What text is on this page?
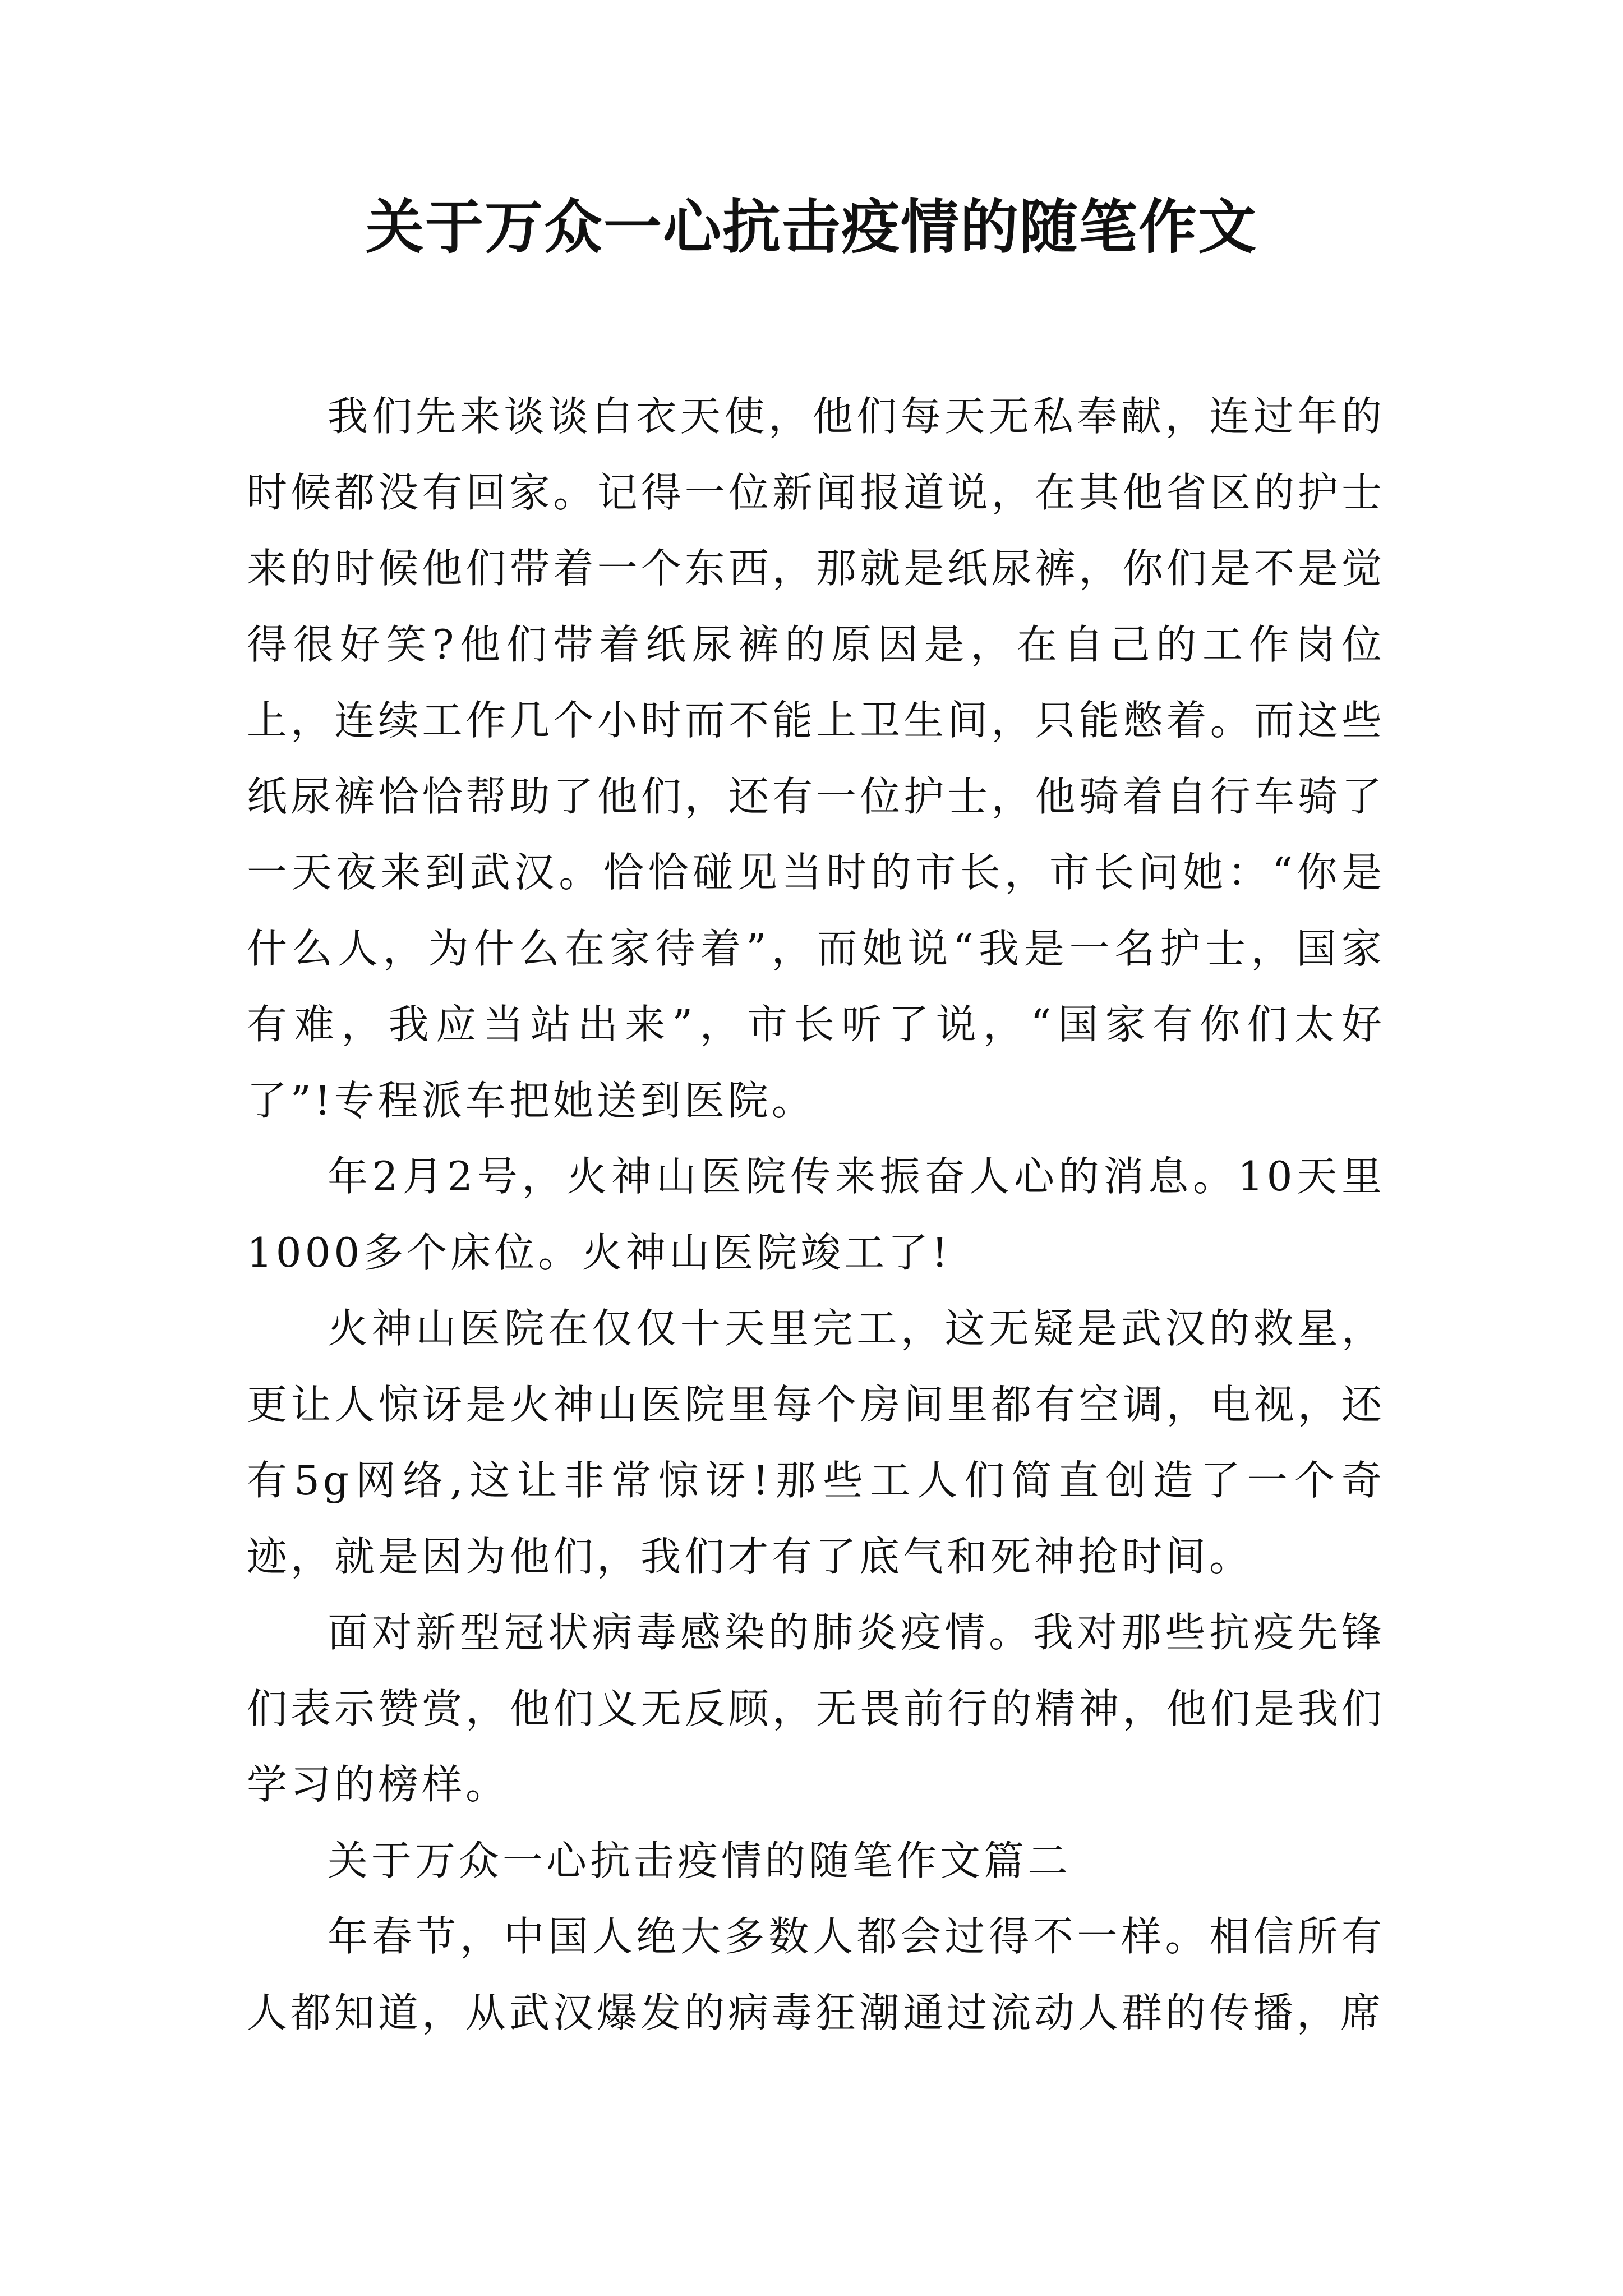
关于万众一心抗击疫情的随笔作文

我们先来谈谈白衣天使，他们每天无私奉献，连过年的时候都没有回家。记得一位新闻报道说，在其他省区的护士来的时候他们带着一个东西，那就是纸尿裤，你们是不是觉得很好笑?他们带着纸尿裤的原因是，在自己的工作岗位上，连续工作几个小时而不能上卫生间，只能憋着。而这些纸尿裤恰恰帮助了他们，还有一位护士，他骑着自行车骑了一天夜来到武汉。恰恰碰见当时的市长，市长问她：“你是什么人，为什么在家待着”，而她说“我是一名护士，国家有难，我应当站出来”，市长听了说，“国家有你们太好了”!专程派车把她送到医院。

年2月2号，火神山医院传来振奋人心的消息。10天里1000多个床位。火神山医院竣工了!

火神山医院在仅仅十天里完工，这无疑是武汉的救星，更让人惊讶是火神山医院里每个房间里都有空调，电视，还有5g网络,这让非常惊讶!那些工人们简直创造了一个奇迹，就是因为他们，我们才有了底气和死神抢时间。

面对新型冠状病毒感染的肺炎疫情。我对那些抗疫先锋们表示赞赏，他们义无反顾，无畏前行的精神，他们是我们学习的榜样。

关于万众一心抗击疫情的随笔作文篇二

年春节，中国人绝大多数人都会过得不一样。相信所有人都知道，从武汉爆发的病毒狂潮通过流动人群的传播，席
